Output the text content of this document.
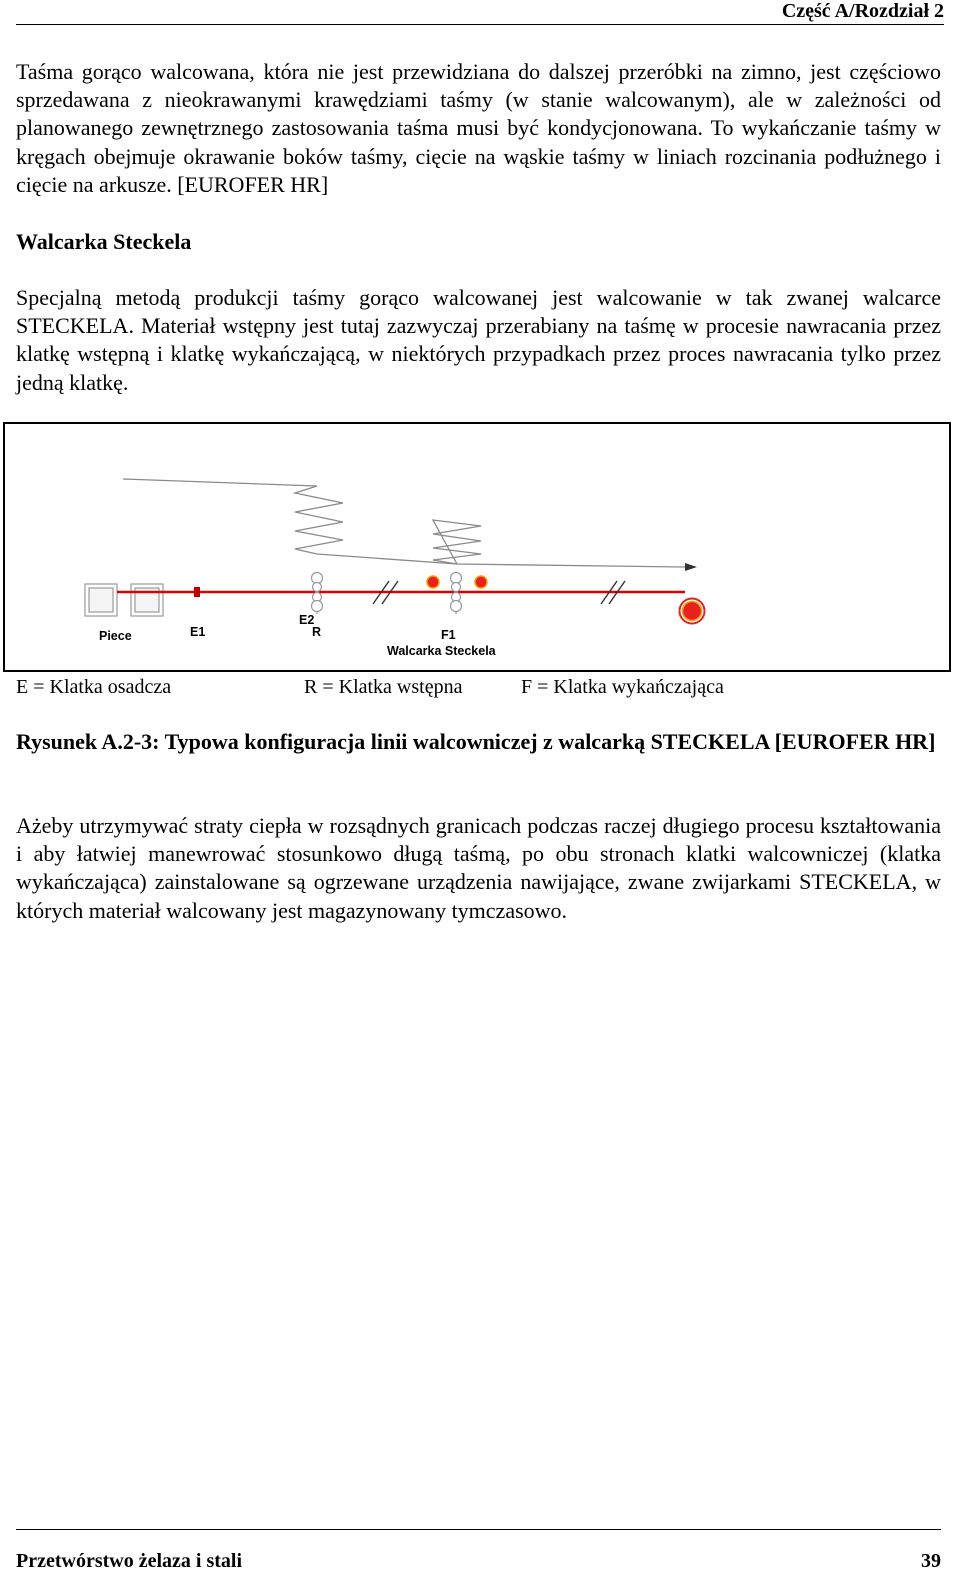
Część A/Rozdział 2

Taśma gorąco walcowana, która nie jest przewidziana do dalszej przeróbki na zimno, jest częściowo sprzedawana z nieokrawanymi krawędziami taśmy (w stanie walcowanym), ale w zależności od planowanego zewnętrznego zastosowania taśma musi być kondycjonowana. To wykańczanie taśmy w kręgach obejmuje okrawanie boków taśmy, cięcie na wąskie taśmy w liniach rozcinania podłużnego i cięcie na arkusze. [EUROFER HR]

Walcarka Steckela

Specjalną metodą produkcji taśmy gorąco walcowanej jest walcowanie w tak zwanej walcarce STECKELA. Materiał wstępny jest tutaj zazwyczaj przerabiany na taśmę w procesie nawracania przez klatkę wstępną i klatkę wykańczającą, w niektórych przypadkach przez proces nawracania tylko przez jedną klatkę.

Piece	E1
E2
R	F1
Walcarka Steckela
E = Klatka osadcza	R = Klatka wstępna	F = Klatka wykańczająca

Rysunek A.2-3: Typowa konfiguracja linii walcowniczej z walcarką STECKELA [EUROFER HR]

Ażeby utrzymywać straty ciepła w rozsądnych granicach podczas raczej długiego procesu kształtowania i aby łatwiej manewrować stosunkowo długą taśmą, po obu stronach klatki walcowniczej (klatka wykańczająca) zainstalowane są ogrzewane urządzenia nawijające, zwane zwijarkami STECKELA, w których materiał walcowany jest magazynowany tymczasowo.

Przetwórstwo żelaza i stali	39
